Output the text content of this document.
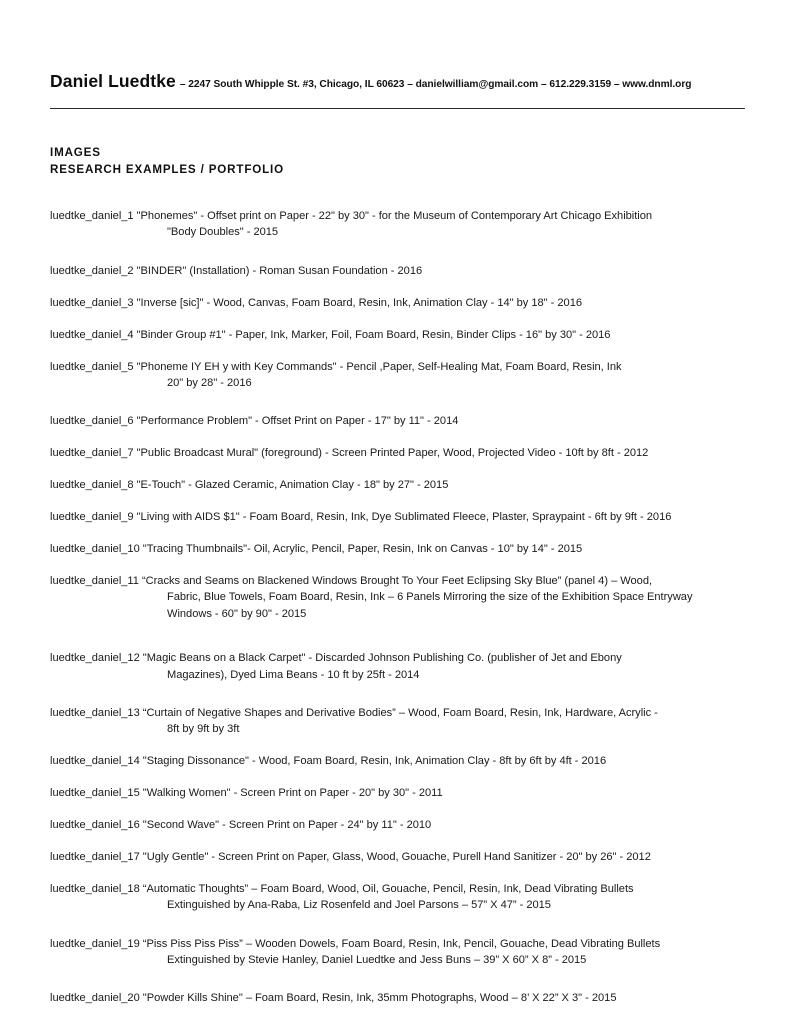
Daniel Luedtke – 2247 South Whipple St. #3, Chicago, IL 60623 – danielwilliam@gmail.com – 612.229.3159 – www.dnml.org
IMAGES
RESEARCH EXAMPLES / PORTFOLIO
luedtke_daniel_1 "Phonemes" - Offset print on Paper - 22" by 30" - for the Museum of Contemporary Art Chicago Exhibition
"Body Doubles" - 2015
luedtke_daniel_2 "BINDER" (Installation) - Roman Susan Foundation - 2016
luedtke_daniel_3 "Inverse [sic]" - Wood, Canvas, Foam Board, Resin, Ink, Animation Clay - 14" by 18" - 2016
luedtke_daniel_4 "Binder Group #1" - Paper, Ink, Marker, Foil, Foam Board, Resin, Binder Clips - 16" by 30" - 2016
luedtke_daniel_5 "Phoneme IY EH y with Key Commands" - Pencil ,Paper, Self-Healing Mat, Foam Board, Resin, Ink
20" by 28" - 2016
luedtke_daniel_6 "Performance Problem" - Offset Print on Paper - 17" by 11" - 2014
luedtke_daniel_7 "Public Broadcast Mural" (foreground) - Screen Printed Paper, Wood, Projected Video - 10ft by 8ft - 2012
luedtke_daniel_8 "E-Touch" - Glazed Ceramic, Animation Clay - 18" by 27" - 2015
luedtke_daniel_9 "Living with AIDS $1" - Foam Board, Resin, Ink, Dye Sublimated Fleece, Plaster, Spraypaint - 6ft by 9ft - 2016
luedtke_daniel_10 "Tracing Thumbnails"- Oil, Acrylic, Pencil, Paper, Resin, Ink on Canvas - 10" by 14" - 2015
luedtke_daniel_11 “Cracks and Seams on Blackened Windows Brought To Your Feet Eclipsing Sky Blue” (panel 4) – Wood,
Fabric, Blue Towels, Foam Board, Resin, Ink – 6 Panels Mirroring the size of the Exhibition Space Entryway
Windows - 60" by 90" - 2015
luedtke_daniel_12 "Magic Beans on a Black Carpet" - Discarded Johnson Publishing Co. (publisher of Jet and Ebony
Magazines), Dyed Lima Beans - 10 ft by 25ft - 2014
luedtke_daniel_13 “Curtain of Negative Shapes and Derivative Bodies” – Wood, Foam Board, Resin, Ink, Hardware, Acrylic -
8ft by 9ft by 3ft
luedtke_daniel_14 "Staging Dissonance" - Wood, Foam Board, Resin, Ink, Animation Clay - 8ft by 6ft by 4ft - 2016
luedtke_daniel_15 "Walking Women" - Screen Print on Paper - 20" by 30" - 2011
luedtke_daniel_16 "Second Wave" - Screen Print on Paper - 24" by 11" - 2010
luedtke_daniel_17 "Ugly Gentle" - Screen Print on Paper, Glass, Wood, Gouache, Purell Hand Sanitizer - 20" by 26" - 2012
luedtke_daniel_18 “Automatic Thoughts” – Foam Board, Wood, Oil, Gouache, Pencil, Resin, Ink, Dead Vibrating Bullets
Extinguished by Ana-Raba, Liz Rosenfeld and Joel Parsons – 57” X 47” - 2015
luedtke_daniel_19 “Piss Piss Piss Piss” – Wooden Dowels, Foam Board, Resin, Ink, Pencil, Gouache, Dead Vibrating Bullets
Extinguished by Stevie Hanley, Daniel Luedtke and Jess Buns – 39” X 60” X 8” - 2015
luedtke_daniel_20 "Powder Kills Shine" – Foam Board, Resin, Ink, 35mm Photographs, Wood – 8’ X 22” X 3" - 2015
